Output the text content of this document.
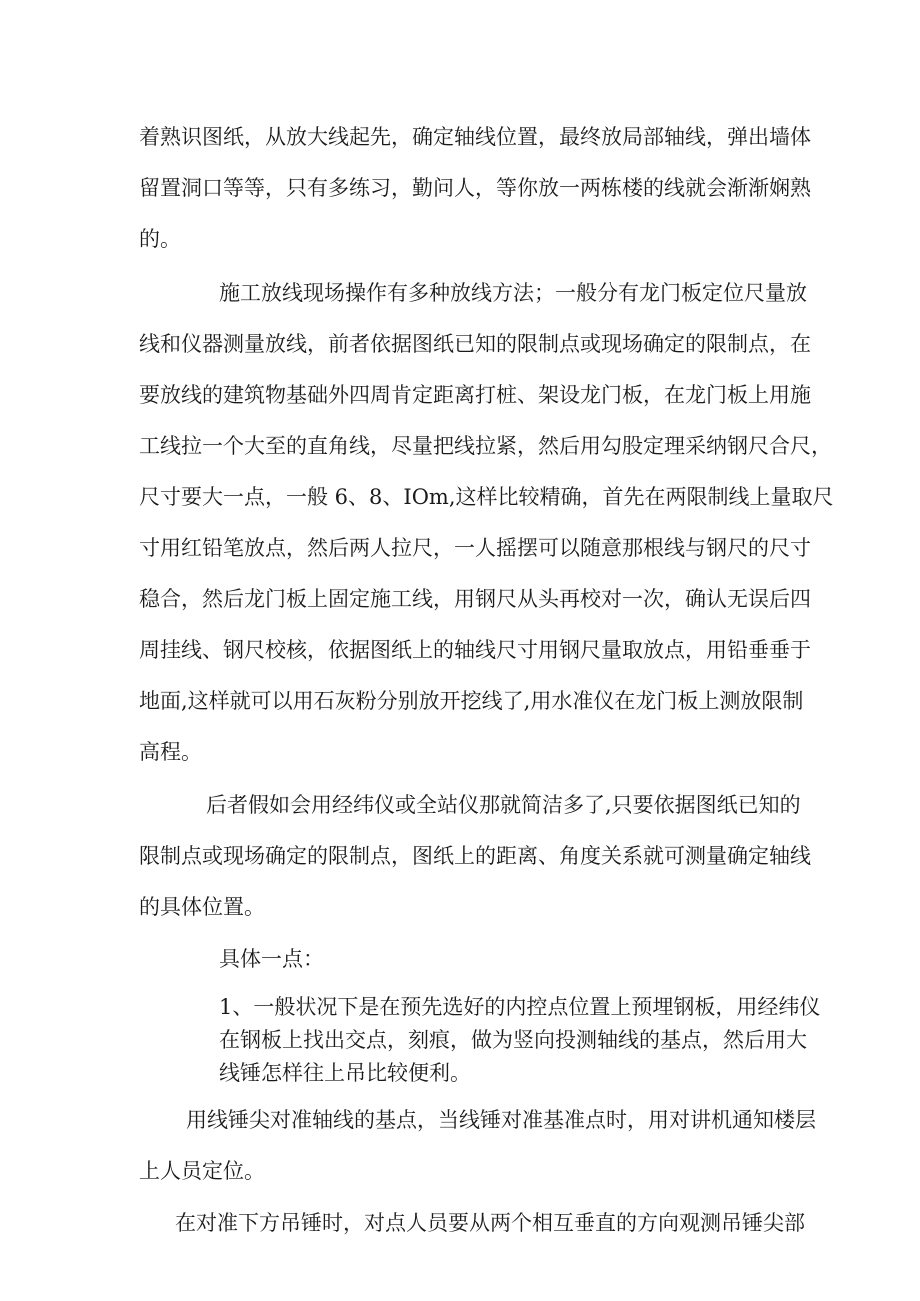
着熟识图纸，从放大线起先，确定轴线位置，最终放局部轴线，弹出墙体

留置洞口等等，只有多练习，勤问人，等你放一两栋楼的线就会渐渐娴熟

的。

施工放线现场操作有多种放线方法；一般分有龙门板定位尺量放

线和仪器测量放线，前者依据图纸已知的限制点或现场确定的限制点，在

要放线的建筑物基础外四周肯定距离打桩、架设龙门板，在龙门板上用施

工线拉一个大至的直角线，尽量把线拉紧，然后用勾股定理采纳钢尺合尺，

尺寸要大一点，一般 6、8、IOm,这样比较精确，首先在两限制线上量取尺

寸用红铅笔放点，然后两人拉尺，一人摇摆可以随意那根线与钢尺的尺寸

稳合，然后龙门板上固定施工线，用钢尺从头再校对一次，确认无误后四

周挂线、钢尺校核，依据图纸上的轴线尺寸用钢尺量取放点，用铅垂垂于

地面,这样就可以用石灰粉分别放开挖线了,用水准仪在龙门板上测放限制

高程。

后者假如会用经纬仪或全站仪那就简洁多了,只要依据图纸已知的

限制点或现场确定的限制点，图纸上的距离、角度关系就可测量确定轴线

的具体位置。

具体一点：

1、一般状况下是在预先选好的内控点位置上预埋钢板，用经纬仪

在钢板上找出交点，刻痕，做为竖向投测轴线的基点，然后用大

线锤怎样往上吊比较便利。

用线锤尖对准轴线的基点，当线锤对准基准点时，用对讲机通知楼层

上人员定位。

在对准下方吊锤时，对点人员要从两个相互垂直的方向观测吊锤尖部
